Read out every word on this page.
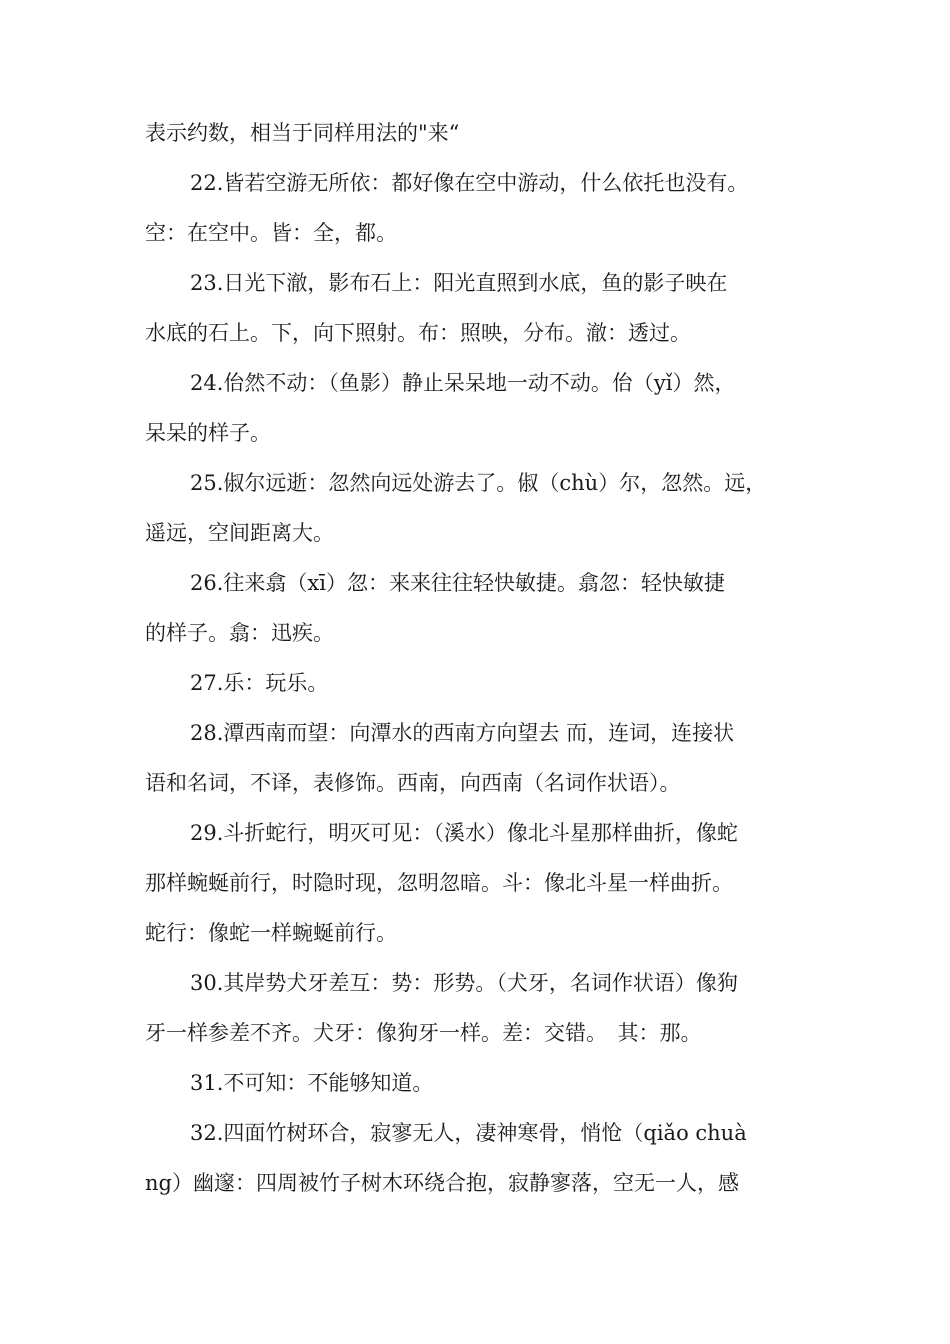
表示约数，相当于同样用法的"来“
22.皆若空游无所依：都好像在空中游动，什么依托也没有。
空：在空中。皆：全，都。
23.日光下澈，影布石上：阳光直照到水底，鱼的影子映在
水底的石上。下，向下照射。布：照映，分布。澈：透过。
24.佁然不动：（鱼影）静止呆呆地一动不动。佁（yǐ）然，
呆呆的样子。
25.俶尔远逝：忽然向远处游去了。俶（chù）尔，忽然。远，
遥远，空间距离大。
26.往来翕（xī）忽：来来往往轻快敏捷。翕忽：轻快敏捷
的样子。翕：迅疾。
27.乐：玩乐。
28.潭西南而望：向潭水的西南方向望去 而，连词，连接状
语和名词，不译，表修饰。西南，向西南（名词作状语）。
29.斗折蛇行，明灭可见：（溪水）像北斗星那样曲折，像蛇
那样蜿蜒前行，时隐时现，忽明忽暗。斗：像北斗星一样曲折。
蛇行：像蛇一样蜿蜒前行。
30.其岸势犬牙差互：势：形势。（犬牙，名词作状语）像狗
牙一样参差不齐。犬牙：像狗牙一样。差：交错。　其：那。
31.不可知：不能够知道。
32.四面竹树环合，寂寥无人，凄神寒骨，悄怆（qiǎo chuà
ng）幽邃：四周被竹子树木环绕合抱，寂静寥落，空无一人，感
